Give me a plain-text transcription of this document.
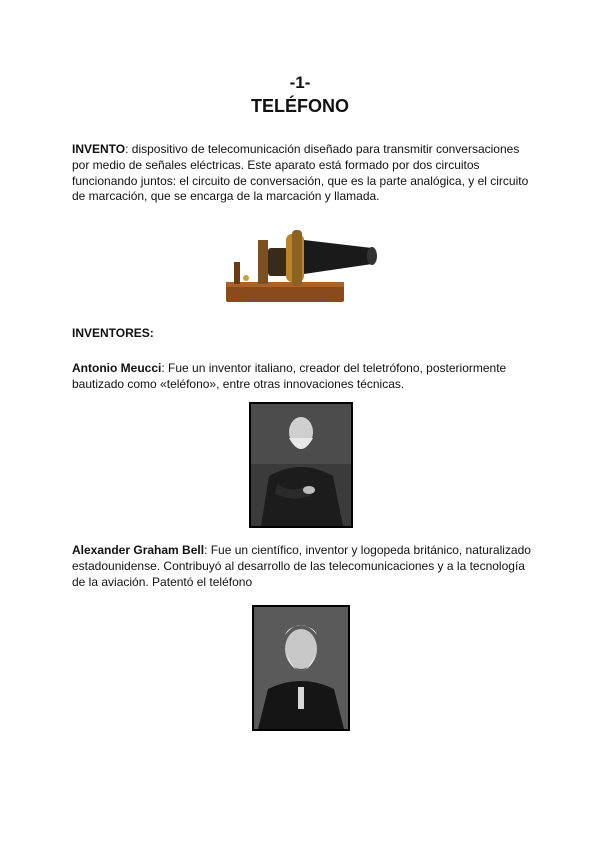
-1-
TELÉFONO

INVENTO: dispositivo de telecomunicación diseñado para transmitir conversaciones por medio de señales eléctricas. Este aparato está formado por dos circuitos funcionando juntos: el circuito de conversación, que es la parte analógica, y el circuito de marcación, que se encarga de la marcación y llamada.

INVENTORES:

Antonio Meucci: Fue un inventor italiano, creador del teletrófono, posteriormente bautizado como «teléfono», entre otras innovaciones técnicas.

Alexander Graham Bell: Fue un científico, inventor y logopeda británico, naturalizado estadounidense. Contribuyó al desarrollo de las telecomunicaciones y a la tecnología de la aviación. Patentó el teléfono
